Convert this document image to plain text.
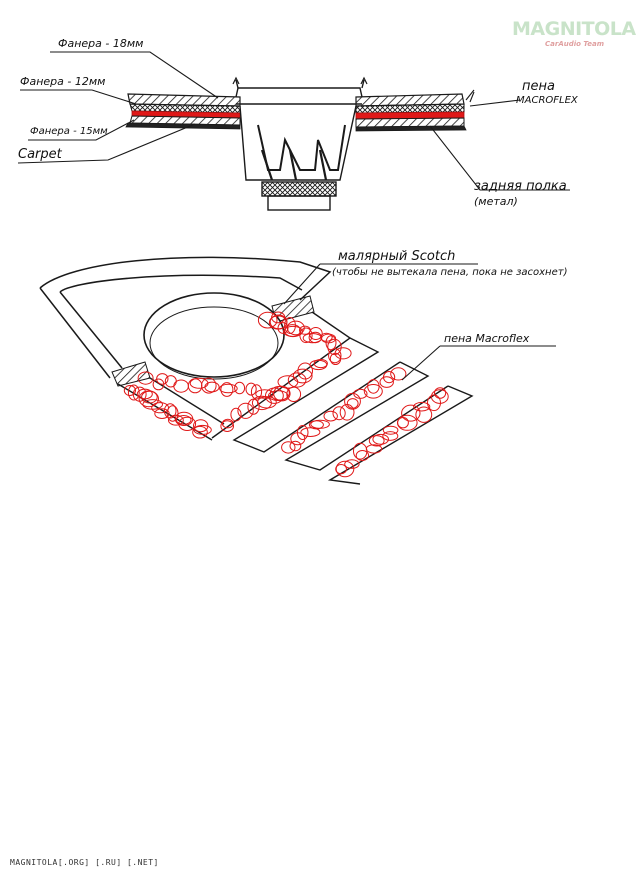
Фанера - 18мм
Фанера - 12мм
Фанера - 15мм
Carpet
пена
MACROFLEX
задняя полка
(метал)
малярный Scotch
(чтобы не вытекала пена, пока не засохнет)
пена Macroflex
MAGNITOLA
CarAudio Team
MAGNITOLA[.ORG] [.RU] [.NET]
